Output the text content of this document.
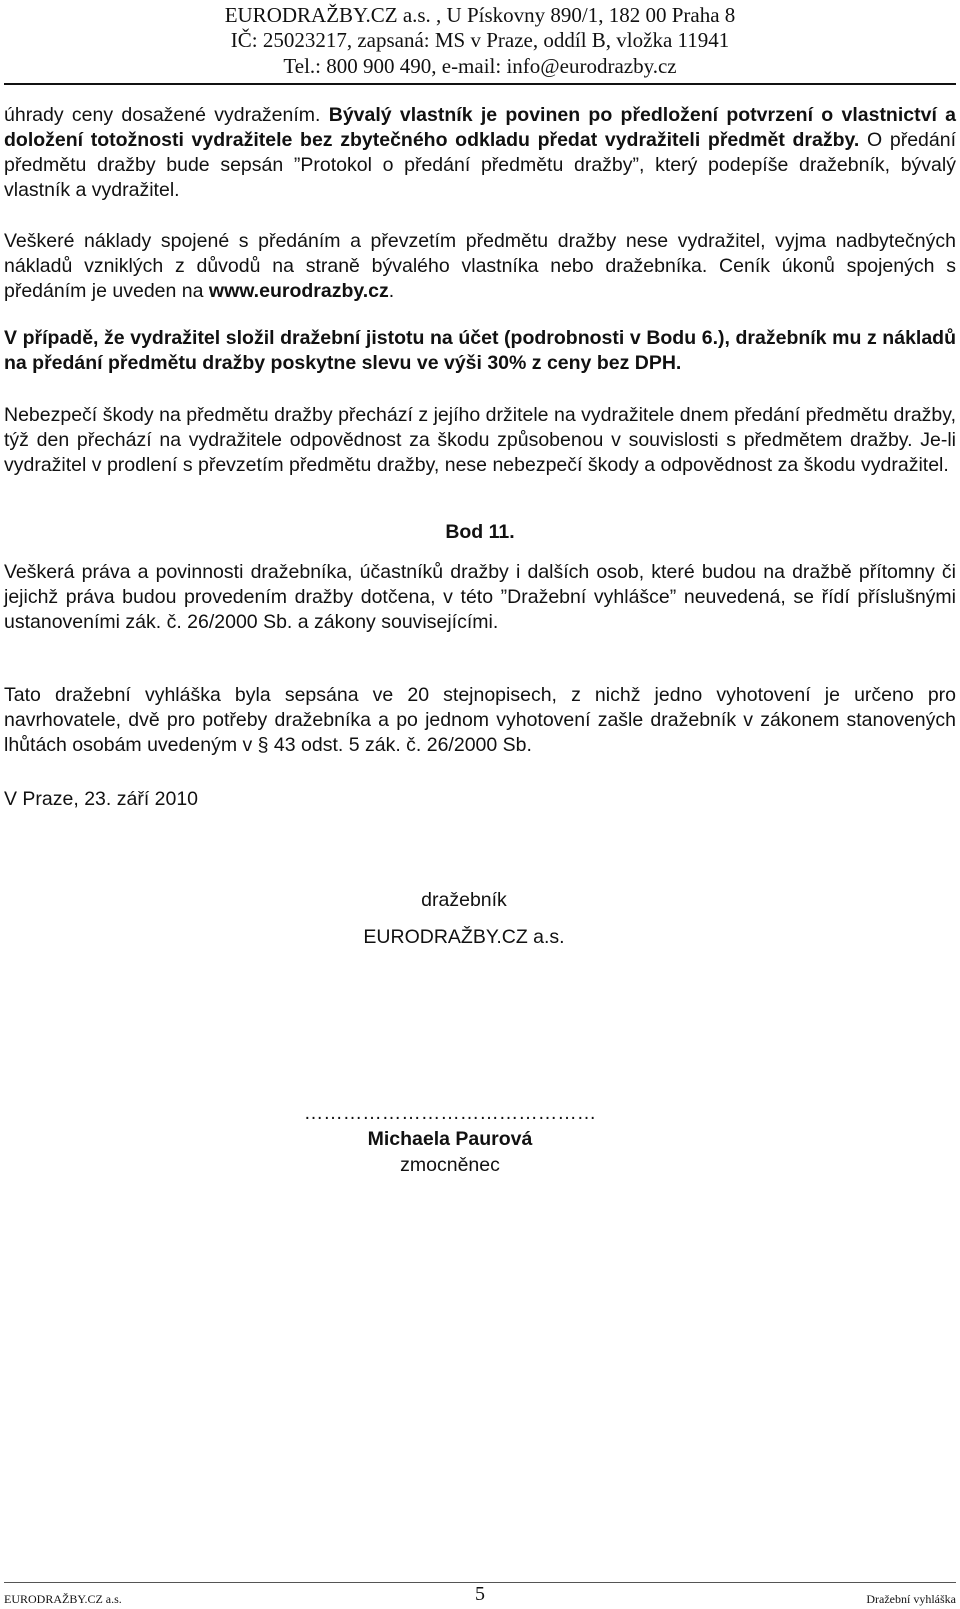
EURODRAŽBY.CZ a.s. , U Pískovny 890/1, 182 00 Praha 8
IČ: 25023217, zapsaná: MS v Praze, oddíl B, vložka 11941
Tel.: 800 900 490, e-mail: info@eurodrazby.cz

úhrady ceny dosažené vydražením. Bývalý vlastník je povinen po předložení potvrzení o vlastnictví a doložení totožnosti vydražitele bez zbytečného odkladu předat vydražiteli předmět dražby. O předání předmětu dražby bude sepsán ”Protokol o předání předmětu dražby”, který podepíše dražebník, bývalý vlastník a vydražitel.

Veškeré náklady spojené s předáním a převzetím předmětu dražby nese vydražitel, vyjma nadbytečných nákladů vzniklých z důvodů na straně bývalého vlastníka nebo dražebníka. Ceník úkonů spojených s předáním je uveden na www.eurodrazby.cz.

V případě, že vydražitel složil dražební jistotu na účet (podrobnosti v Bodu 6.), dražebník mu z nákladů na předání předmětu dražby poskytne slevu ve výši 30% z ceny bez DPH.

Nebezpečí škody na předmětu dražby přechází z jejího držitele na vydražitele dnem předání předmětu dražby, týž den přechází na vydražitele odpovědnost za škodu způsobenou v souvislosti s předmětem dražby. Je-li vydražitel v prodlení s převzetím předmětu dražby, nese nebezpečí škody a odpovědnost za škodu vydražitel.

Bod 11.

Veškerá práva a povinnosti dražebníka, účastníků dražby i dalších osob, které budou na dražbě přítomny či jejichž práva budou provedením dražby dotčena, v této ”Dražební vyhlášce” neuvedená, se řídí příslušnými ustanoveními zák. č. 26/2000 Sb. a zákony souvisejícími.

Tato dražební vyhláška byla sepsána ve 20 stejnopisech, z nichž jedno vyhotovení je určeno pro navrhovatele, dvě pro potřeby dražebníka a po jednom vyhotovení zašle dražebník v zákonem stanovených lhůtách osobám uvedeným v § 43 odst. 5 zák. č. 26/2000 Sb.

V Praze, 23. září 2010
dražebník
EURODRAŽBY.CZ a.s.
………………………………………
Michaela Paurová
zmocněnec
EURODRAŽBY.CZ a.s.	5	Dražební vyhláška
